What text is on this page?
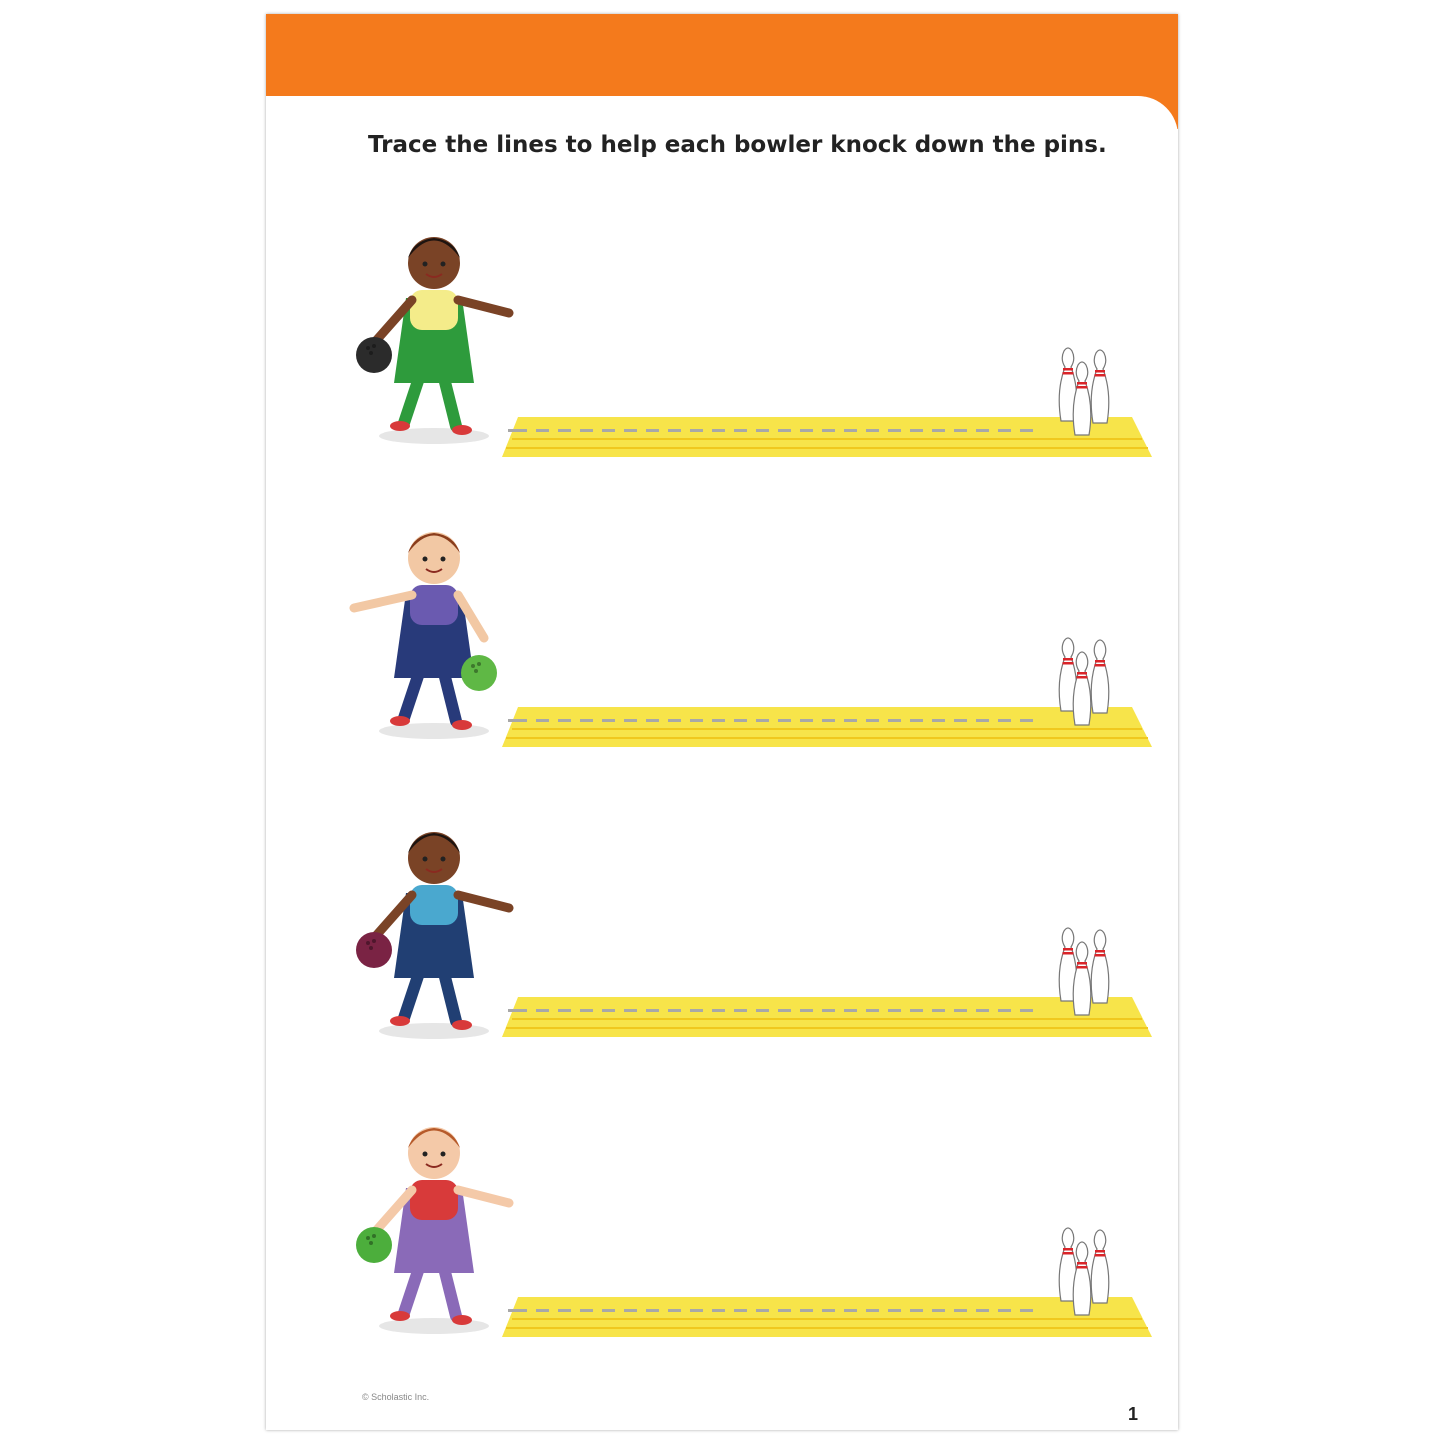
Trace the lines to help each bowler knock down the pins.
© Scholastic Inc.
1
